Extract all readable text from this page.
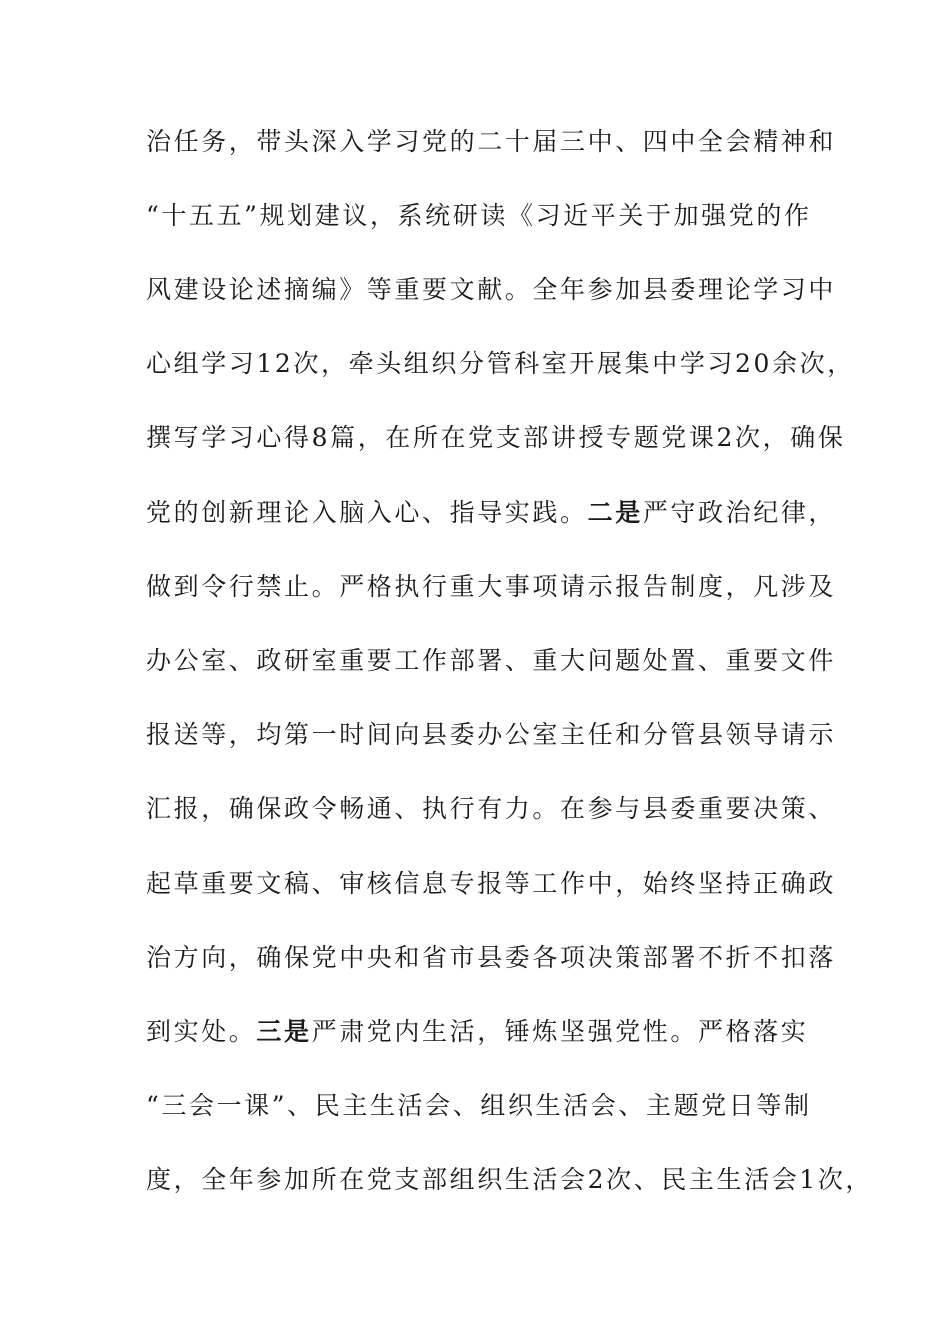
治任务，带头深入学习党的二十届三中、四中全会精神和
“十五五”规划建议，系统研读《习近平关于加强党的作
风建设论述摘编》等重要文献。全年参加县委理论学习中
心组学习12次，牵头组织分管科室开展集中学习20余次，
撰写学习心得8篇，在所在党支部讲授专题党课2次，确保
党的创新理论入脑入心、指导实践。二是严守政治纪律，
做到令行禁止。严格执行重大事项请示报告制度，凡涉及
办公室、政研室重要工作部署、重大问题处置、重要文件
报送等，均第一时间向县委办公室主任和分管县领导请示
汇报，确保政令畅通、执行有力。在参与县委重要决策、
起草重要文稿、审核信息专报等工作中，始终坚持正确政
治方向，确保党中央和省市县委各项决策部署不折不扣落
到实处。三是严肃党内生活，锤炼坚强党性。严格落实
“三会一课”、民主生活会、组织生活会、主题党日等制
度，全年参加所在党支部组织生活会2次、民主生活会1次，
